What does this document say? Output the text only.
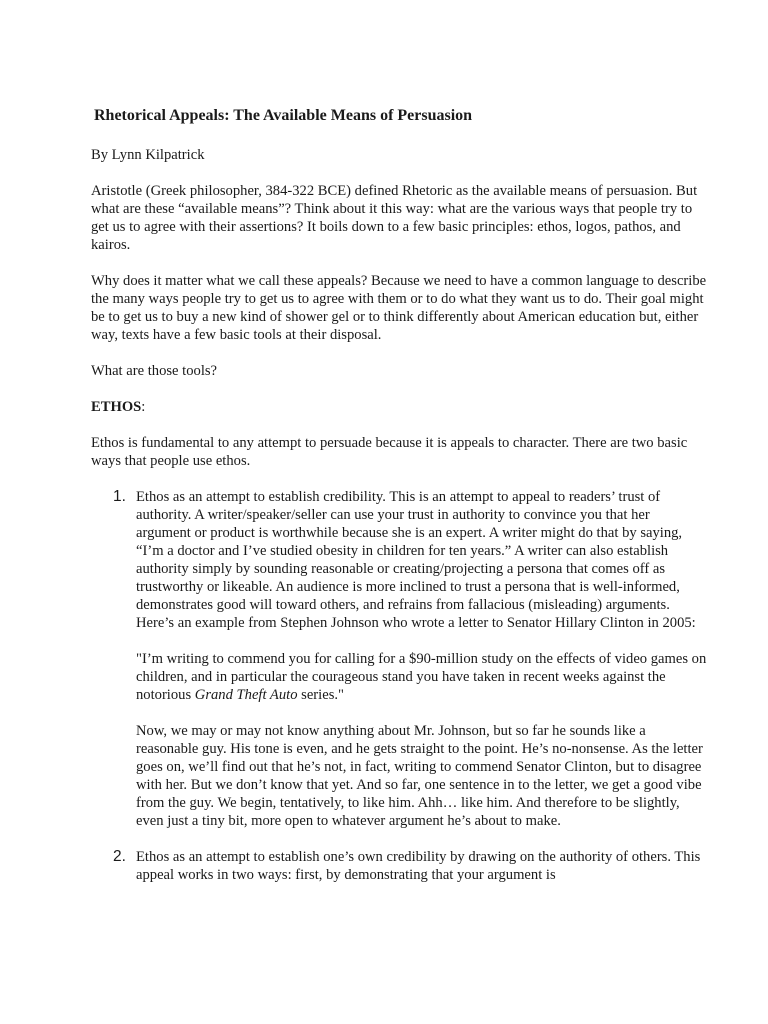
Rhetorical Appeals: The Available Means of Persuasion

By Lynn Kilpatrick

Aristotle (Greek philosopher, 384-322 BCE) defined Rhetoric as the available means of persuasion. But what are these “available means”? Think about it this way: what are the various ways that people try to get us to agree with their assertions? It boils down to a few basic principles: ethos, logos, pathos, and kairos.

Why does it matter what we call these appeals? Because we need to have a common language to describe the many ways people try to get us to agree with them or to do what they want us to do. Their goal might be to get us to buy a new kind of shower gel or to think differently about American education but, either way, texts have a few basic tools at their disposal.

What are those tools?

ETHOS:

Ethos is fundamental to any attempt to persuade because it is appeals to character. There are two basic ways that people use ethos.

1. Ethos as an attempt to establish credibility. This is an attempt to appeal to readers’ trust of authority. A writer/speaker/seller can use your trust in authority to convince you that her argument or product is worthwhile because she is an expert. A writer might do that by saying, “I’m a doctor and I’ve studied obesity in children for ten years.” A writer can also establish authority simply by sounding reasonable or creating/projecting a persona that comes off as trustworthy or likeable. An audience is more inclined to trust a persona that is well-informed, demonstrates good will toward others, and refrains from fallacious (misleading) arguments. Here’s an example from Stephen Johnson who wrote a letter to Senator Hillary Clinton in 2005:

"I’m writing to commend you for calling for a $90-million study on the effects of video games on children, and in particular the courageous stand you have taken in recent weeks against the notorious Grand Theft Auto series."

Now, we may or may not know anything about Mr. Johnson, but so far he sounds like a reasonable guy. His tone is even, and he gets straight to the point. He’s no-nonsense. As the letter goes on, we’ll find out that he’s not, in fact, writing to commend Senator Clinton, but to disagree with her. But we don’t know that yet. And so far, one sentence in to the letter, we get a good vibe from the guy. We begin, tentatively, to like him. Ahh… like him. And therefore to be slightly, even just a tiny bit, more open to whatever argument he’s about to make.

2. Ethos as an attempt to establish one’s own credibility by drawing on the authority of others. This appeal works in two ways: first, by demonstrating that your argument is
